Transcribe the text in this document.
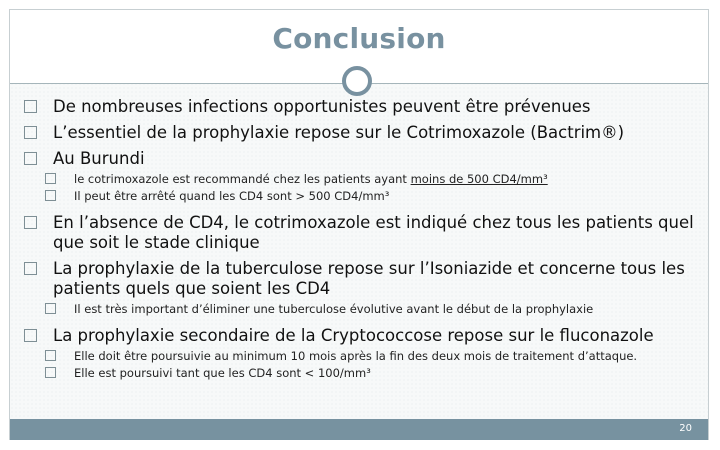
Conclusion
De nombreuses infections opportunistes peuvent être prévenues
L’essentiel de la prophylaxie repose sur le Cotrimoxazole (Bactrim®)
Au Burundi
le cotrimoxazole est recommandé chez les patients ayant moins de 500 CD4/mm³
Il peut être arrêté quand les CD4 sont > 500 CD4/mm³
En l’absence de CD4, le cotrimoxazole est indiqué chez tous les patients quel que soit le stade clinique
La prophylaxie de la tuberculose repose sur l’Isoniazide et concerne tous les patients quels que soient les CD4
Il est très important d’éliminer une tuberculose évolutive avant le début de la prophylaxie
La prophylaxie secondaire de la Cryptococcose repose sur le fluconazole
Elle doit être poursuivie au minimum 10 mois après la fin des deux mois de traitement d’attaque.
Elle est poursuivi tant que les CD4 sont < 100/mm³
20
